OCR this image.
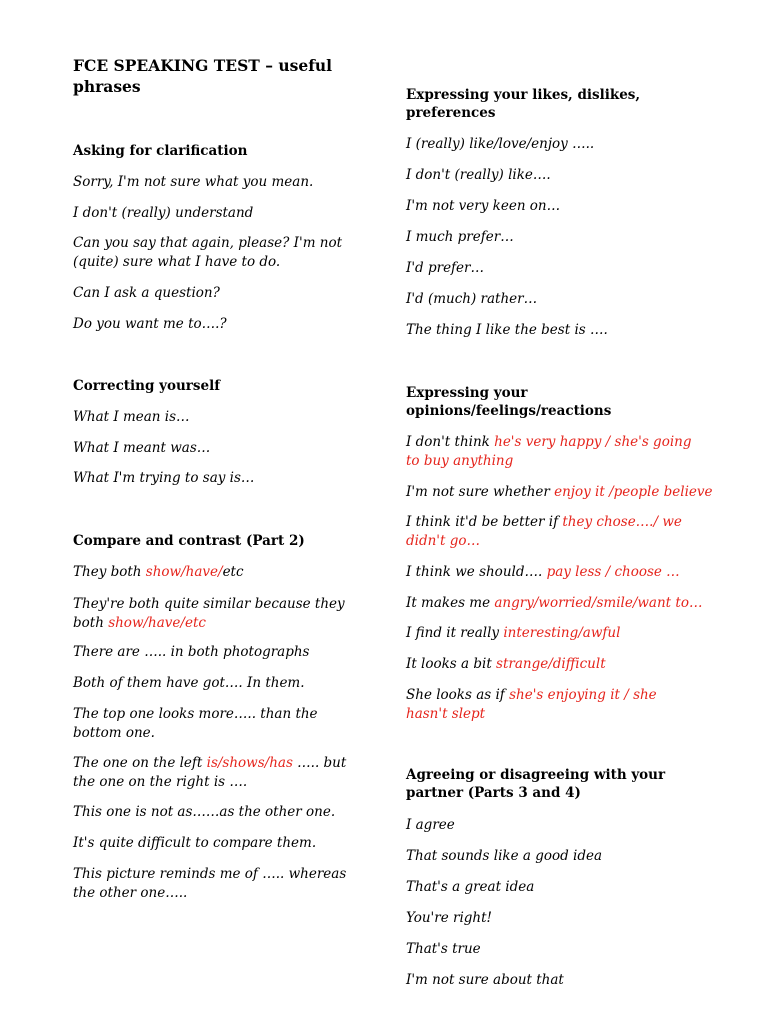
FCE SPEAKING TEST – useful phrases
Asking for clarification
Sorry, I'm not sure what you mean.
I don't (really) understand
Can you say that again, please? I'm not (quite) sure what I have to do.
Can I ask a question?
Do you want me to….?
Correcting yourself
What I mean is…
What I meant was…
What I'm trying to say is…
Compare and contrast (Part 2)
They both show/have/etc
They're both quite similar because they both show/have/etc
There are ….. in both photographs
Both of them have got…. In them.
The top one looks more….. than the bottom one.
The one on the left is/shows/has ….. but the one on the right is ….
This one is not as……as the other one.
It's quite difficult to compare them.
This picture reminds me of ….. whereas the other one…..
Expressing your likes, dislikes, preferences
I (really) like/love/enjoy …..
I don't (really) like….
I'm not very keen on…
I much prefer…
I'd prefer…
I'd (much) rather…
The thing I like the best is ….
Expressing your opinions/feelings/reactions
I don't think he's very happy / she's going to buy anything
I'm not sure whether enjoy it /people believe
I think it'd be better if they chose…./ we didn't go…
I think we should…. pay less / choose …
It makes me angry/worried/smile/want to…
I find it really interesting/awful
It looks a bit strange/difficult
She looks as if she's enjoying it / she hasn't slept
Agreeing or disagreeing with your partner (Parts 3 and 4)
I agree
That sounds like a good idea
That's a great idea
You're right!
That's true
I'm not sure about that
